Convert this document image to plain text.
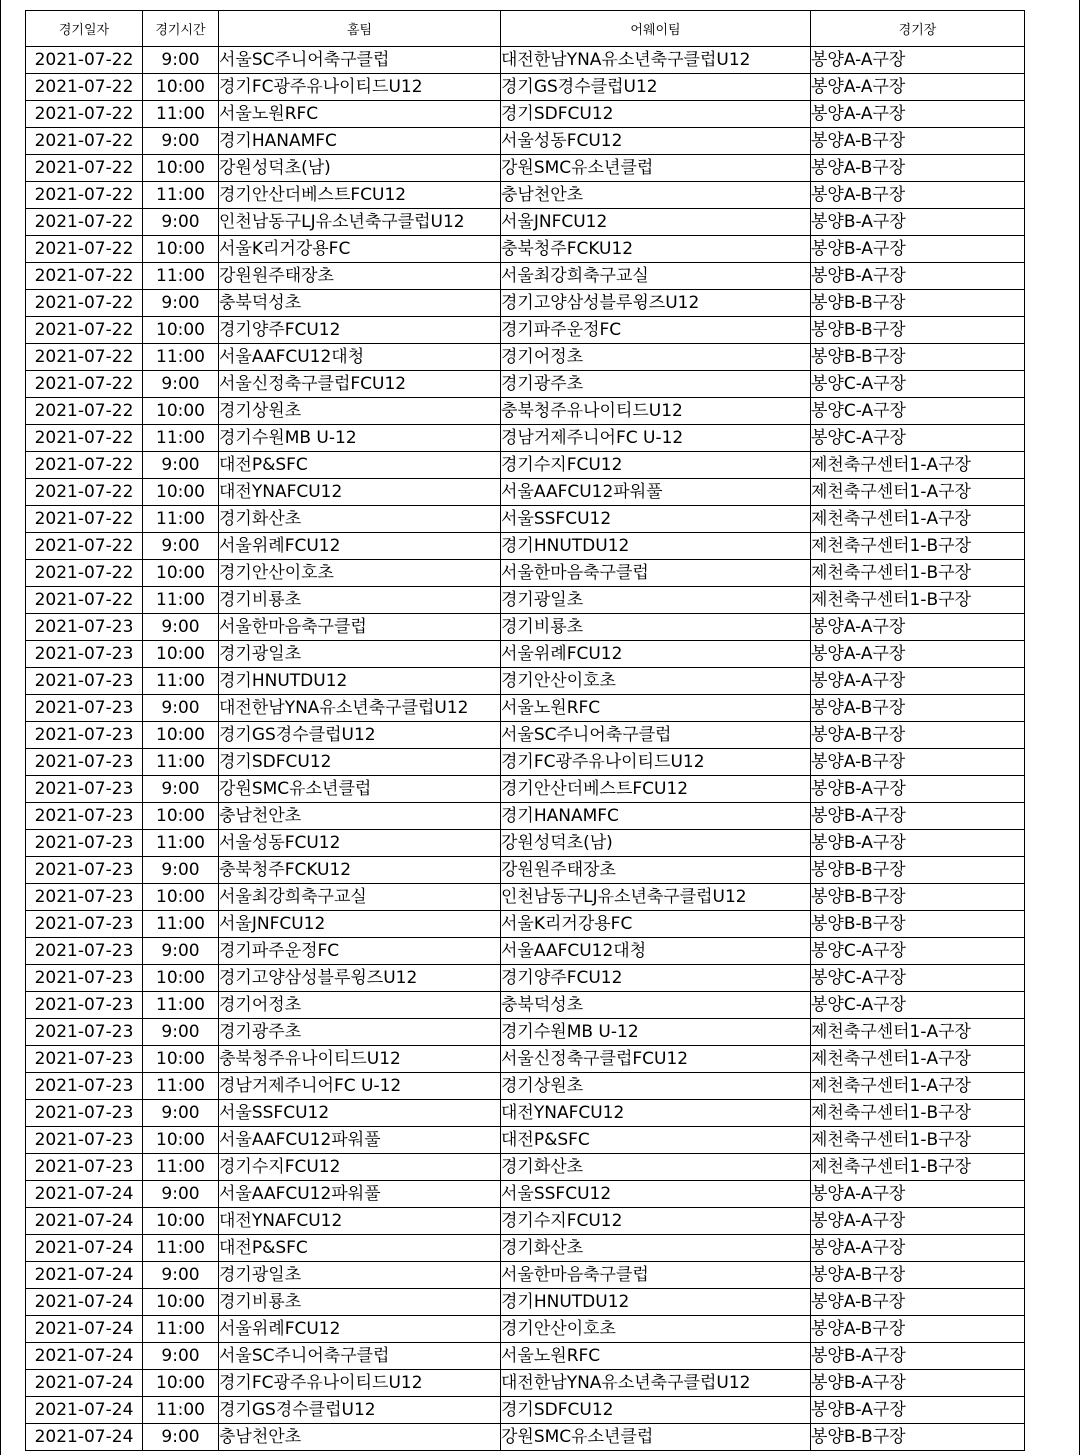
경기일자	경기시간	홈팀	어웨이팀	경기장
2021-07-22	9:00	서울SC주니어축구클럽	대전한남YNA유소년축구클럽U12	봉양A-A구장
2021-07-22	10:00	경기FC광주유나이티드U12	경기GS경수클럽U12	봉양A-A구장
2021-07-22	11:00	서울노원RFC	경기SDFCU12	봉양A-A구장
2021-07-22	9:00	경기HANAMFC	서울성동FCU12	봉양A-B구장
2021-07-22	10:00	강원성덕초(남)	강원SMC유소년클럽	봉양A-B구장
2021-07-22	11:00	경기안산더베스트FCU12	충남천안초	봉양A-B구장
2021-07-22	9:00	인천남동구LJ유소년축구클럽U12	서울JNFCU12	봉양B-A구장
2021-07-22	10:00	서울K리거강용FC	충북청주FCKU12	봉양B-A구장
2021-07-22	11:00	강원원주태장초	서울최강희축구교실	봉양B-A구장
2021-07-22	9:00	충북덕성초	경기고양삼성블루윙즈U12	봉양B-B구장
2021-07-22	10:00	경기양주FCU12	경기파주운정FC	봉양B-B구장
2021-07-22	11:00	서울AAFCU12대청	경기어정초	봉양B-B구장
2021-07-22	9:00	서울신정축구클럽FCU12	경기광주초	봉양C-A구장
2021-07-22	10:00	경기상원초	충북청주유나이티드U12	봉양C-A구장
2021-07-22	11:00	경기수원MB U-12	경남거제주니어FC U-12	봉양C-A구장
2021-07-22	9:00	대전P&SFC	경기수지FCU12	제천축구센터1-A구장
2021-07-22	10:00	대전YNAFCU12	서울AAFCU12파워풀	제천축구센터1-A구장
2021-07-22	11:00	경기화산초	서울SSFCU12	제천축구센터1-A구장
2021-07-22	9:00	서울위례FCU12	경기HNUTDU12	제천축구센터1-B구장
2021-07-22	10:00	경기안산이호초	서울한마음축구클럽	제천축구센터1-B구장
2021-07-22	11:00	경기비룡초	경기광일초	제천축구센터1-B구장
2021-07-23	9:00	서울한마음축구클럽	경기비룡초	봉양A-A구장
2021-07-23	10:00	경기광일초	서울위례FCU12	봉양A-A구장
2021-07-23	11:00	경기HNUTDU12	경기안산이호초	봉양A-A구장
2021-07-23	9:00	대전한남YNA유소년축구클럽U12	서울노원RFC	봉양A-B구장
2021-07-23	10:00	경기GS경수클럽U12	서울SC주니어축구클럽	봉양A-B구장
2021-07-23	11:00	경기SDFCU12	경기FC광주유나이티드U12	봉양A-B구장
2021-07-23	9:00	강원SMC유소년클럽	경기안산더베스트FCU12	봉양B-A구장
2021-07-23	10:00	충남천안초	경기HANAMFC	봉양B-A구장
2021-07-23	11:00	서울성동FCU12	강원성덕초(남)	봉양B-A구장
2021-07-23	9:00	충북청주FCKU12	강원원주태장초	봉양B-B구장
2021-07-23	10:00	서울최강희축구교실	인천남동구LJ유소년축구클럽U12	봉양B-B구장
2021-07-23	11:00	서울JNFCU12	서울K리거강용FC	봉양B-B구장
2021-07-23	9:00	경기파주운정FC	서울AAFCU12대청	봉양C-A구장
2021-07-23	10:00	경기고양삼성블루윙즈U12	경기양주FCU12	봉양C-A구장
2021-07-23	11:00	경기어정초	충북덕성초	봉양C-A구장
2021-07-23	9:00	경기광주초	경기수원MB U-12	제천축구센터1-A구장
2021-07-23	10:00	충북청주유나이티드U12	서울신정축구클럽FCU12	제천축구센터1-A구장
2021-07-23	11:00	경남거제주니어FC U-12	경기상원초	제천축구센터1-A구장
2021-07-23	9:00	서울SSFCU12	대전YNAFCU12	제천축구센터1-B구장
2021-07-23	10:00	서울AAFCU12파워풀	대전P&SFC	제천축구센터1-B구장
2021-07-23	11:00	경기수지FCU12	경기화산초	제천축구센터1-B구장
2021-07-24	9:00	서울AAFCU12파워풀	서울SSFCU12	봉양A-A구장
2021-07-24	10:00	대전YNAFCU12	경기수지FCU12	봉양A-A구장
2021-07-24	11:00	대전P&SFC	경기화산초	봉양A-A구장
2021-07-24	9:00	경기광일초	서울한마음축구클럽	봉양A-B구장
2021-07-24	10:00	경기비룡초	경기HNUTDU12	봉양A-B구장
2021-07-24	11:00	서울위례FCU12	경기안산이호초	봉양A-B구장
2021-07-24	9:00	서울SC주니어축구클럽	서울노원RFC	봉양B-A구장
2021-07-24	10:00	경기FC광주유나이티드U12	대전한남YNA유소년축구클럽U12	봉양B-A구장
2021-07-24	11:00	경기GS경수클럽U12	경기SDFCU12	봉양B-A구장
2021-07-24	9:00	충남천안초	강원SMC유소년클럽	봉양B-B구장
